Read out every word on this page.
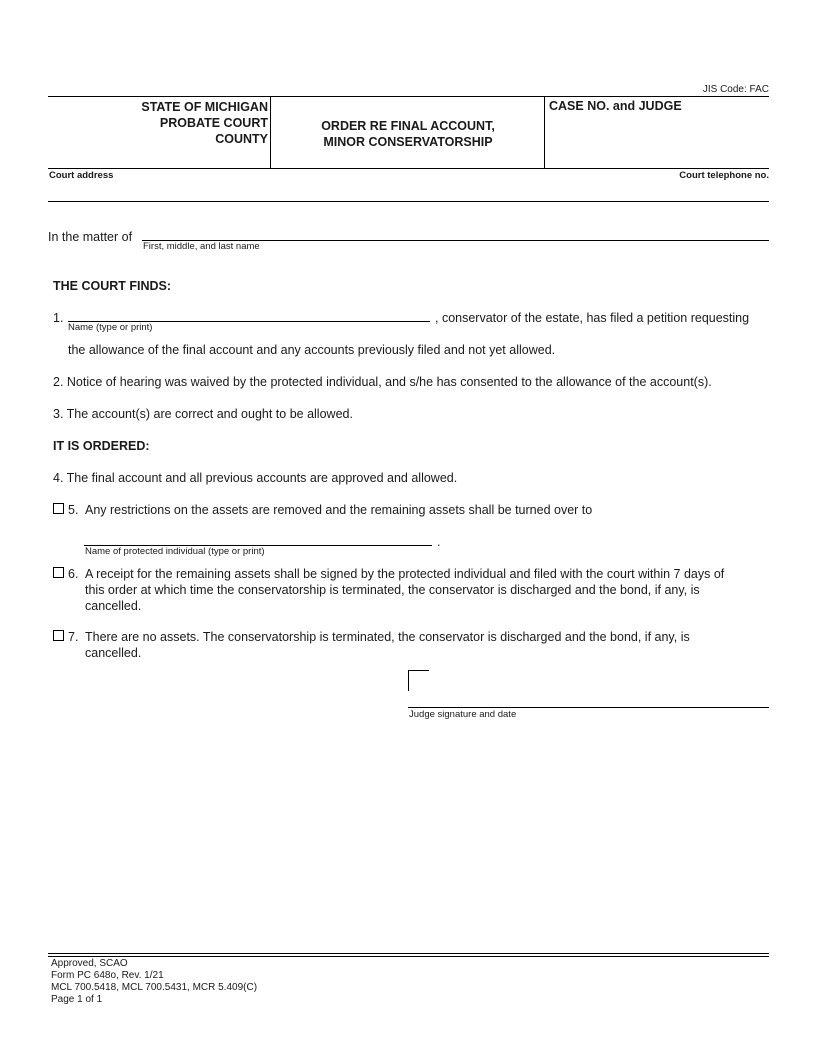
JIS Code: FAC
STATE OF MICHIGAN
PROBATE COURT
COUNTY
ORDER RE FINAL ACCOUNT,
MINOR CONSERVATORSHIP
CASE NO. and JUDGE
Court address	Court telephone no.
In the matter of
First, middle, and last name
THE COURT FINDS:
1.	, conservator of the estate, has filed a petition requesting
Name (type or print)
the allowance of the final account and any accounts previously filed and not yet allowed.
2. Notice of hearing was waived by the protected individual, and s/he has consented to the allowance of the account(s).
3. The account(s) are correct and ought to be allowed.
IT IS ORDERED:
4. The final account and all previous accounts are approved and allowed.
5. Any restrictions on the assets are removed and the remaining assets shall be turned over to
.
Name of protected individual (type or print)
6. A receipt for the remaining assets shall be signed by the protected individual and filed with the court within 7 days of
this order at which time the conservatorship is terminated, the conservator is discharged and the bond, if any, is
cancelled.
7. There are no assets. The conservatorship is terminated, the conservator is discharged and the bond, if any, is
cancelled.
Judge signature and date
Approved, SCAO
Form PC 648o, Rev. 1/21
MCL 700.5418, MCL 700.5431, MCR 5.409(C)
Page 1 of 1
